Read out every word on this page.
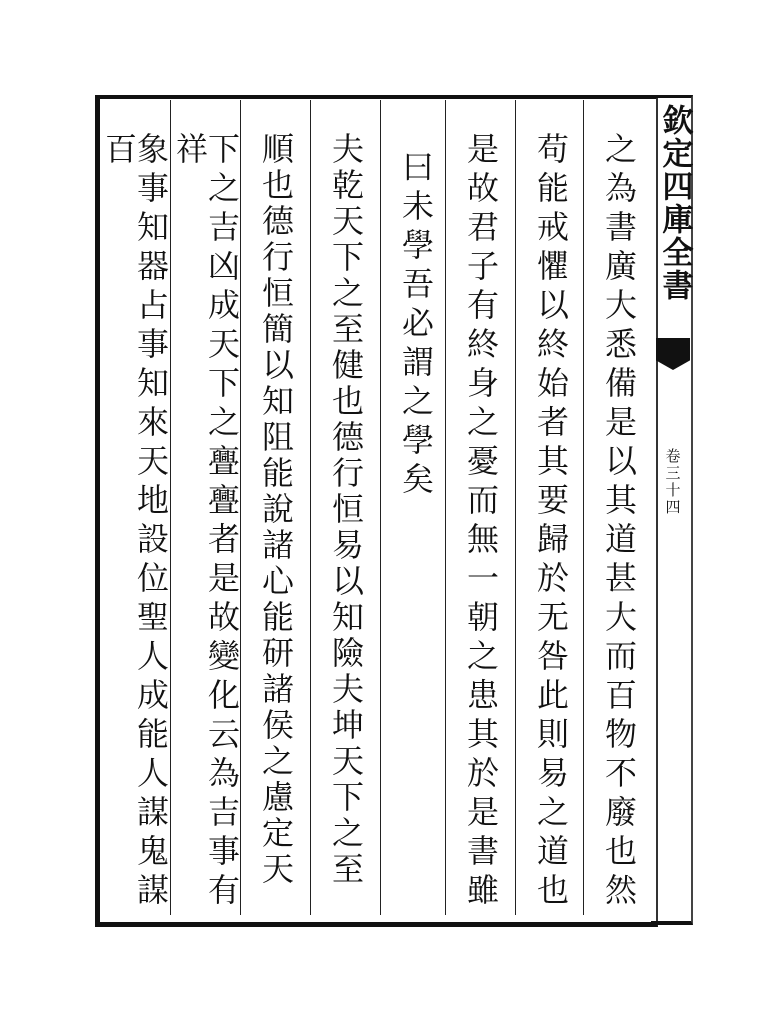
欽定四庫全書
卷三十四
之為書廣大悉備是以其道甚大而百物不廢也然
苟能戒懼以終始者其要歸於无咎此則易之道也
是故君子有終身之憂而無一朝之患其於是書雖
曰未學吾必謂之學矣
夫乾天下之至健也德行恒易以知險夫坤天下之至
順也德行恒簡以知阻能說諸心能研諸侯之慮定天
下之吉凶成天下之亹亹者是故變化云為吉事有祥
象事知器占事知來天地設位聖人成能人謀鬼謀百
